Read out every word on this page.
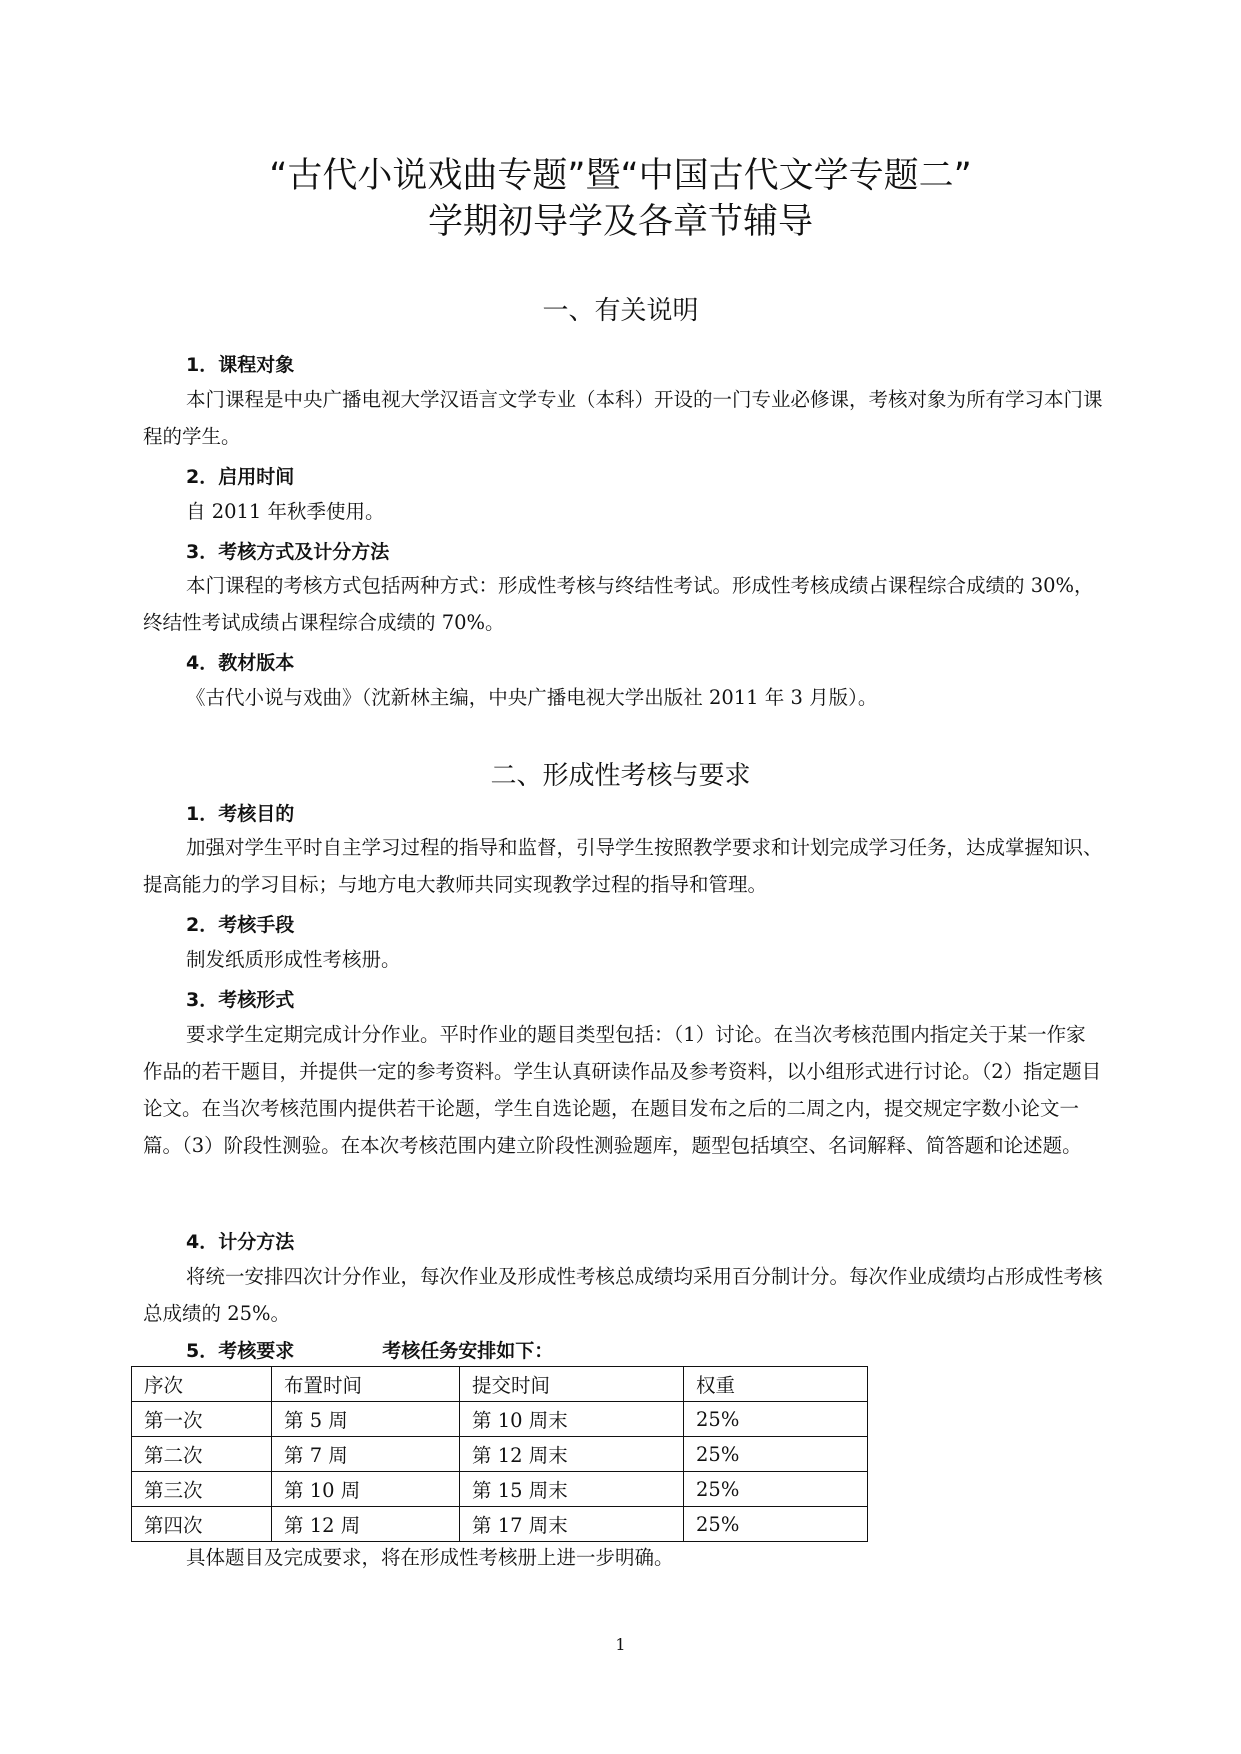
“古代小说戏曲专题”暨“中国古代文学专题二”
学期初导学及各章节辅导
一、有关说明
1．课程对象
本门课程是中央广播电视大学汉语言文学专业（本科）开设的一门专业必修课，考核对象为所有学习本门课程的学生。
2．启用时间
自 2011 年秋季使用。
3．考核方式及计分方法
本门课程的考核方式包括两种方式：形成性考核与终结性考试。形成性考核成绩占课程综合成绩的 30%，终结性考试成绩占课程综合成绩的 70%。
4．教材版本
《古代小说与戏曲》（沈新林主编，中央广播电视大学出版社 2011 年 3 月版）。
二、形成性考核与要求
1．考核目的
加强对学生平时自主学习过程的指导和监督，引导学生按照教学要求和计划完成学习任务，达成掌握知识、提高能力的学习目标；与地方电大教师共同实现教学过程的指导和管理。
2．考核手段
制发纸质形成性考核册。
3．考核形式
要求学生定期完成计分作业。平时作业的题目类型包括：（1）讨论。在当次考核范围内指定关于某一作家作品的若干题目，并提供一定的参考资料。学生认真研读作品及参考资料，以小组形式进行讨论。（2）指定题目论文。在当次考核范围内提供若干论题，学生自选论题，在题目发布之后的二周之内，提交规定字数小论文一篇。（3）阶段性测验。在本次考核范围内建立阶段性测验题库，题型包括填空、名词解释、简答题和论述题。
4．计分方法
将统一安排四次计分作业，每次作业及形成性考核总成绩均采用百分制计分。每次作业成绩均占形成性考核总成绩的 25%。
5．考核要求	考核任务安排如下：
序次	布置时间	提交时间	权重
第一次	第 5 周	第 10 周末	25%
第二次	第 7 周	第 12 周末	25%
第三次	第 10 周	第 15 周末	25%
第四次	第 12 周	第 17 周末	25%
具体题目及完成要求，将在形成性考核册上进一步明确。
1
